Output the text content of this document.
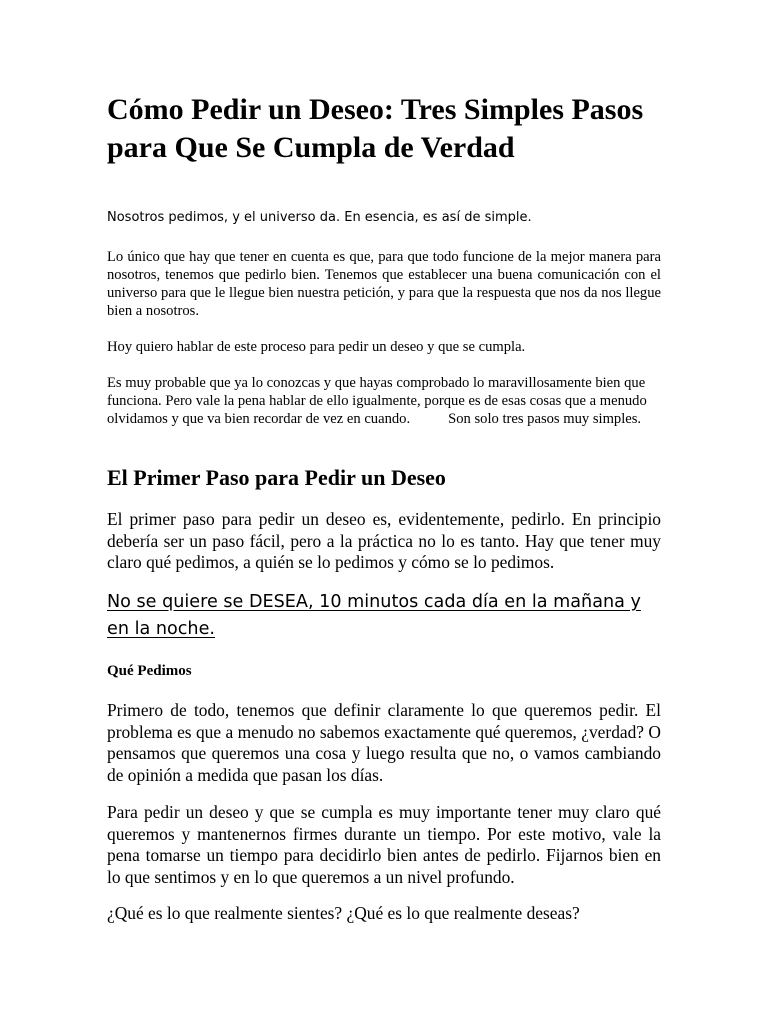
Cómo Pedir un Deseo: Tres Simples Pasos para Que Se Cumpla de Verdad

Nosotros pedimos, y el universo da. En esencia, es así de simple.

Lo único que hay que tener en cuenta es que, para que todo funcione de la mejor manera para nosotros, tenemos que pedirlo bien. Tenemos que establecer una buena comunicación con el universo para que le llegue bien nuestra petición, y para que la respuesta que nos da nos llegue bien a nosotros.

Hoy quiero hablar de este proceso para pedir un deseo y que se cumpla.

Es muy probable que ya lo conozcas y que hayas comprobado lo maravillosamente bien que funciona. Pero vale la pena hablar de ello igualmente, porque es de esas cosas que a menudo olvidamos y que va bien recordar de vez en cuando.	Son solo tres pasos muy simples.

El Primer Paso para Pedir un Deseo

El primer paso para pedir un deseo es, evidentemente, pedirlo. En principio debería ser un paso fácil, pero a la práctica no lo es tanto. Hay que tener muy claro qué pedimos, a quién se lo pedimos y cómo se lo pedimos.

No se quiere se DESEA, 10 minutos cada día en la mañana y en la noche.

Qué Pedimos

Primero de todo, tenemos que definir claramente lo que queremos pedir. El problema es que a menudo no sabemos exactamente qué queremos, ¿verdad? O pensamos que queremos una cosa y luego resulta que no, o vamos cambiando de opinión a medida que pasan los días.

Para pedir un deseo y que se cumpla es muy importante tener muy claro qué queremos y mantenernos firmes durante un tiempo. Por este motivo, vale la pena tomarse un tiempo para decidirlo bien antes de pedirlo. Fijarnos bien en lo que sentimos y en lo que queremos a un nivel profundo.

¿Qué es lo que realmente sientes? ¿Qué es lo que realmente deseas?
